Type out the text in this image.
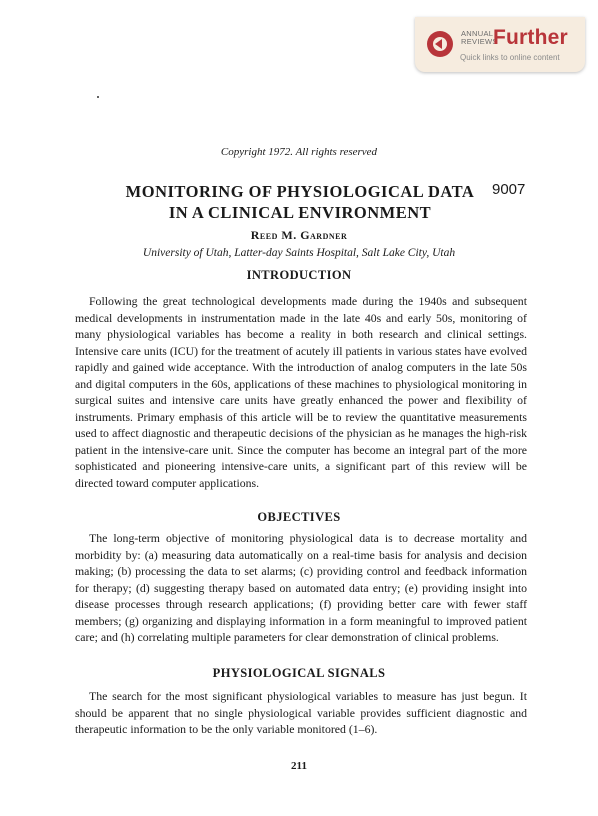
ANNUAL
REVIEWS
Further
Quick links to online content
Copyright 1972. All rights reserved
MONITORING OF PHYSIOLOGICAL DATA
IN A CLINICAL ENVIRONMENT
9007
Reed M. Gardner
University of Utah, Latter-day Saints Hospital, Salt Lake City, Utah
INTRODUCTION
Following the great technological developments made during the 1940s and subsequent medical developments in instrumentation made in the late 40s and early 50s, monitoring of many physiological variables has become a reality in both research and clinical settings. Intensive care units (ICU) for the treatment of acutely ill patients in various states have evolved rapidly and gained wide acceptance. With the introduction of analog computers in the late 50s and digital computers in the 60s, applications of these machines to physiological monitoring in surgical suites and intensive care units have greatly enhanced the power and flexibility of instruments. Primary emphasis of this article will be to review the quantitative measurements used to affect diagnostic and therapeutic decisions of the physician as he manages the high-risk patient in the intensive-care unit. Since the computer has become an integral part of the more sophisticated and pioneering intensive-care units, a significant part of this review will be directed toward computer applications.
OBJECTIVES
The long-term objective of monitoring physiological data is to decrease mortality and morbidity by: (a) measuring data automatically on a real-time basis for analysis and decision making; (b) processing the data to set alarms; (c) providing control and feedback information for therapy; (d) suggesting therapy based on automated data entry; (e) providing insight into disease processes through research applications; (f) providing better care with fewer staff members; (g) organizing and displaying information in a form meaningful to improved patient care; and (h) correlating multiple parameters for clear demonstration of clinical problems.
PHYSIOLOGICAL SIGNALS
The search for the most significant physiological variables to measure has just begun. It should be apparent that no single physiological variable provides sufficient diagnostic and therapeutic information to be the only variable monitored (1–6).
211
